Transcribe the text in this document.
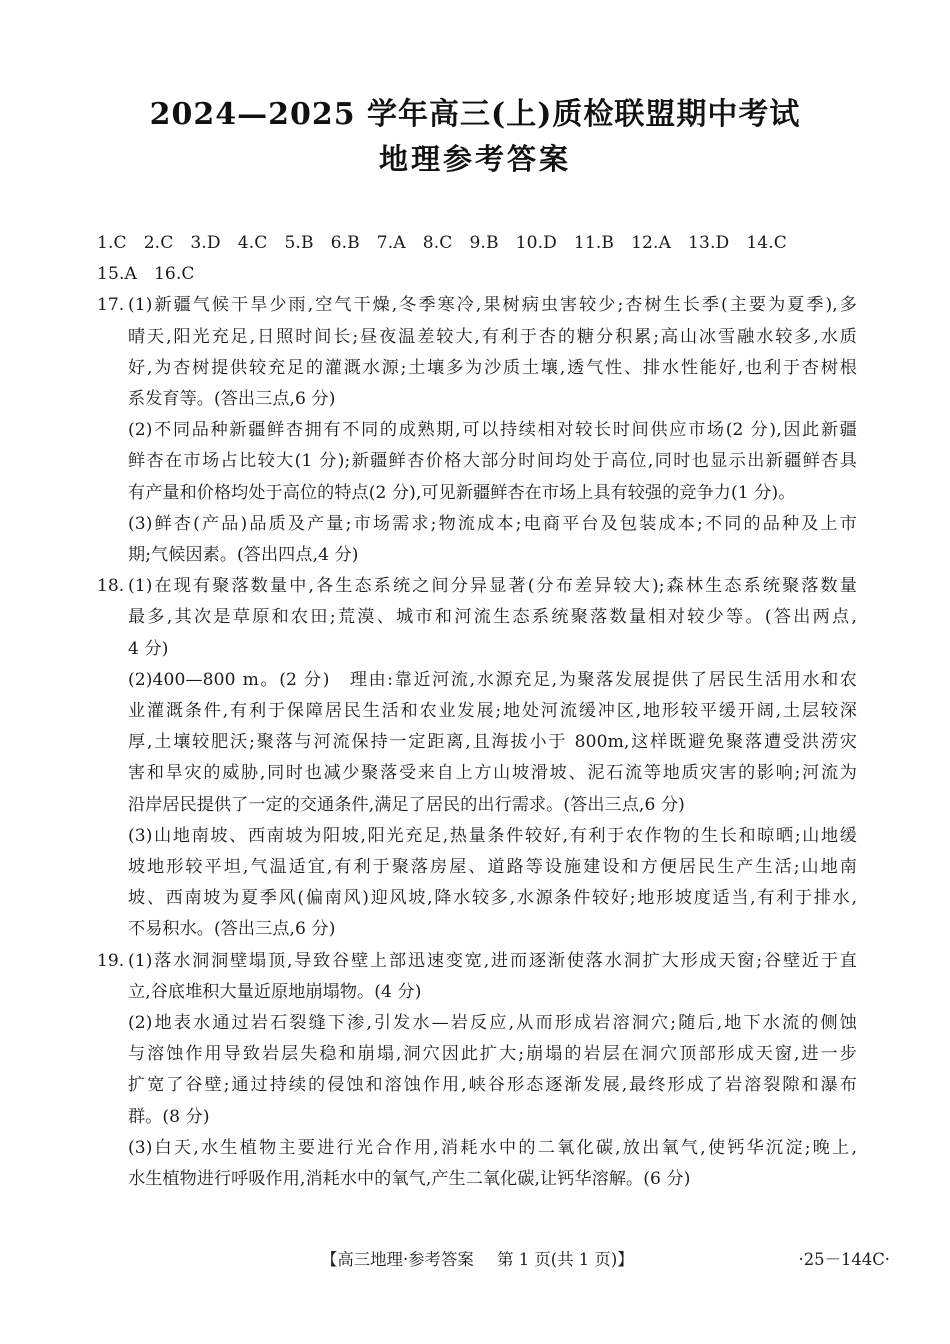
2024—2025 学年高三(上)质检联盟期中考试
地理参考答案
1.C 2.C 3.D 4.C 5.B 6.B 7.A 8.C 9.B 10.D 11.B 12.A 13.D 14.C
15.A 16.C
17. (1)新疆气候干旱少雨,空气干燥,冬季寒冷,果树病虫害较少;杏树生长季(主要为夏季),多
晴天,阳光充足,日照时间长;昼夜温差较大,有利于杏的糖分积累;高山冰雪融水较多,水质
好,为杏树提供较充足的灌溉水源;土壤多为沙质土壤,透气性、排水性能好,也利于杏树根
系发育等。(答出三点,6 分)
(2)不同品种新疆鲜杏拥有不同的成熟期,可以持续相对较长时间供应市场(2 分),因此新疆
鲜杏在市场占比较大(1 分);新疆鲜杏价格大部分时间均处于高位,同时也显示出新疆鲜杏具
有产量和价格均处于高位的特点(2 分),可见新疆鲜杏在市场上具有较强的竞争力(1 分)。
(3)鲜杏(产品)品质及产量;市场需求;物流成本;电商平台及包装成本;不同的品种及上市
期;气候因素。(答出四点,4 分)
18. (1)在现有聚落数量中,各生态系统之间分异显著(分布差异较大);森林生态系统聚落数量
最多,其次是草原和农田;荒漠、城市和河流生态系统聚落数量相对较少等。(答出两点,
4 分)
(2)400—800 m。(2 分)　理由:靠近河流,水源充足,为聚落发展提供了居民生活用水和农
业灌溉条件,有利于保障居民生活和农业发展;地处河流缓冲区,地形较平缓开阔,土层较深
厚,土壤较肥沃;聚落与河流保持一定距离,且海拔小于 800m,这样既避免聚落遭受洪涝灾
害和旱灾的威胁,同时也减少聚落受来自上方山坡滑坡、泥石流等地质灾害的影响;河流为
沿岸居民提供了一定的交通条件,满足了居民的出行需求。(答出三点,6 分)
(3)山地南坡、西南坡为阳坡,阳光充足,热量条件较好,有利于农作物的生长和晾晒;山地缓
坡地形较平坦,气温适宜,有利于聚落房屋、道路等设施建设和方便居民生产生活;山地南
坡、西南坡为夏季风(偏南风)迎风坡,降水较多,水源条件较好;地形坡度适当,有利于排水,
不易积水。(答出三点,6 分)
19. (1)落水洞洞壁塌顶,导致谷壁上部迅速变宽,进而逐渐使落水洞扩大形成天窗;谷壁近于直
立,谷底堆积大量近原地崩塌物。(4 分)
(2)地表水通过岩石裂缝下渗,引发水—岩反应,从而形成岩溶洞穴;随后,地下水流的侧蚀
与溶蚀作用导致岩层失稳和崩塌,洞穴因此扩大;崩塌的岩层在洞穴顶部形成天窗,进一步
扩宽了谷壁;通过持续的侵蚀和溶蚀作用,峡谷形态逐渐发展,最终形成了岩溶裂隙和瀑布
群。(8 分)
(3)白天,水生植物主要进行光合作用,消耗水中的二氧化碳,放出氧气,使钙华沉淀;晚上,
水生植物进行呼吸作用,消耗水中的氧气,产生二氧化碳,让钙华溶解。(6 分)
【高三地理·参考答案 第 1 页(共 1 页)】	·25－144C·
